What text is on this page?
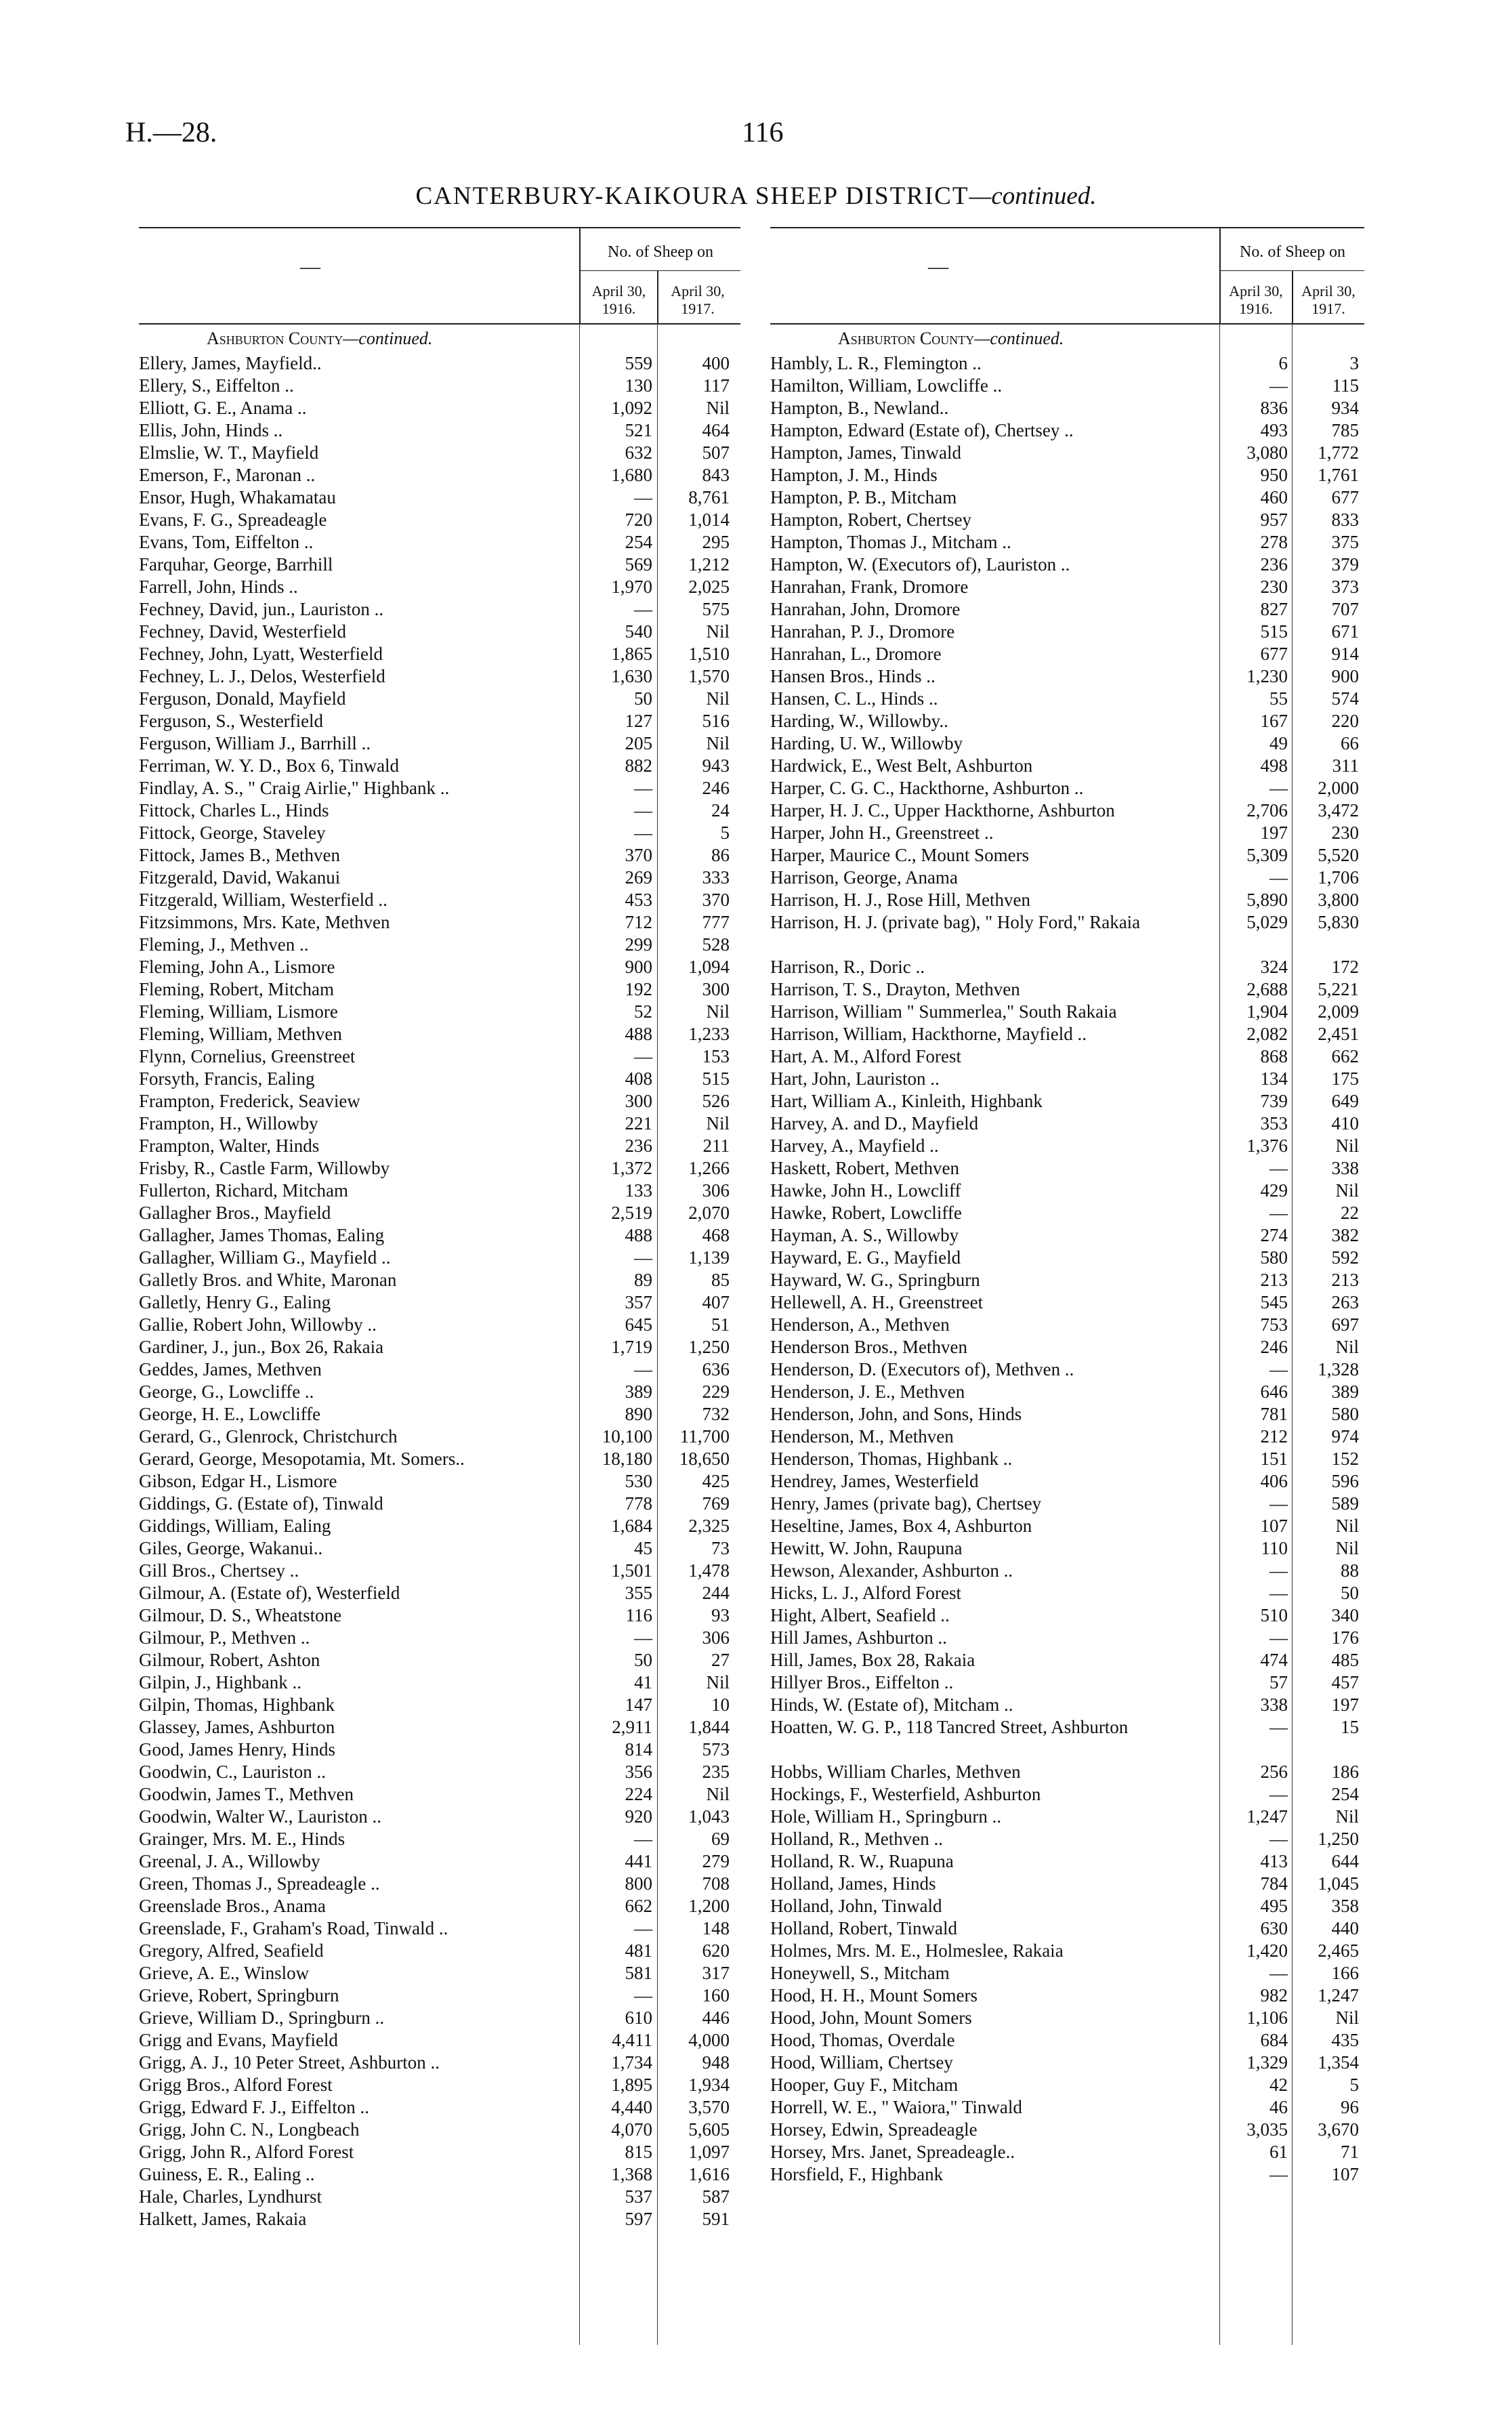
H.—28.	116
CANTERBURY-KAIKOURA SHEEP DISTRICT—continued.
—
No. of Sheep on
April 30, 1916.
April 30, 1917.
Ashburton County—continued.
Ellery, James, Mayfield..	559	400
Ellery, S., Eiffelton ..	130	117
Elliott, G. E., Anama ..	1,092	Nil
Ellis, John, Hinds ..	521	464
Elmslie, W. T., Mayfield	632	507
Emerson, F., Maronan ..	1,680	843
Ensor, Hugh, Whakamatau	— 8,761
Evans, F. G., Spreadeagle	720 1,014
Evans, Tom, Eiffelton ..	254	295
Farquhar, George, Barrhill	569 1,212
Farrell, John, Hinds ..	1,970 2,025
Fechney, David, jun., Lauriston ..	—	575
Fechney, David, Westerfield	540	Nil
Fechney, John, Lyatt, Westerfield	1,865 1,510
Fechney, L. J., Delos, Westerfield	1,630 1,570
Ferguson, Donald, Mayfield	50	Nil
Ferguson, S., Westerfield	127	516
Ferguson, William J., Barrhill ..	205	Nil
Ferriman, W. Y. D., Box 6, Tinwald	882	943
Findlay, A. S., " Craig Airlie," Highbank ..	—	246
Fittock, Charles L., Hinds	—	24
Fittock, George, Staveley	—	5
Fittock, James B., Methven	370	86
Fitzgerald, David, Wakanui	269	333
Fitzgerald, William, Westerfield ..	453	370
Fitzsimmons, Mrs. Kate, Methven	712	777
Fleming, J., Methven ..	299	528
Fleming, John A., Lismore	900 1,094
Fleming, Robert, Mitcham	192	300
Fleming, William, Lismore	52	Nil
Fleming, William, Methven	488 1,233
Flynn, Cornelius, Greenstreet	—	153
Forsyth, Francis, Ealing	408	515
Frampton, Frederick, Seaview	300	526
Frampton, H., Willowby	221	Nil
Frampton, Walter, Hinds	236	211
Frisby, R., Castle Farm, Willowby	1,372 1,266
Fullerton, Richard, Mitcham	133	306
Gallagher Bros., Mayfield	2,519 2,070
Gallagher, James Thomas, Ealing	488	468
Gallagher, William G., Mayfield ..	— 1,139
Galletly Bros. and White, Maronan	89	85
Galletly, Henry G., Ealing	357	407
Gallie, Robert John, Willowby ..	645	51
Gardiner, J., jun., Box 26, Rakaia	1,719 1,250
Geddes, James, Methven	—	636
George, G., Lowcliffe ..	389	229
George, H. E., Lowcliffe	890	732
Gerard, G., Glenrock, Christchurch	10,100 11,700
Gerard, George, Mesopotamia, Mt. Somers..	18,180 18,650
Gibson, Edgar H., Lismore	530	425
Giddings, G. (Estate of), Tinwald	778	769
Giddings, William, Ealing	1,684 2,325
Giles, George, Wakanui..	45	73
Gill Bros., Chertsey ..	1,501 1,478
Gilmour, A. (Estate of), Westerfield	355	244
Gilmour, D. S., Wheatstone	116	93
Gilmour, P., Methven ..	—	306
Gilmour, Robert, Ashton	50	27
Gilpin, J., Highbank ..	41	Nil
Gilpin, Thomas, Highbank	147	10
Glassey, James, Ashburton	2,911 1,844
Good, James Henry, Hinds	814	573
Goodwin, C., Lauriston ..	356	235
Goodwin, James T., Methven	224	Nil
Goodwin, Walter W., Lauriston ..	920 1,043
Grainger, Mrs. M. E., Hinds	—	69
Greenal, J. A., Willowby	441	279
Green, Thomas J., Spreadeagle ..	800	708
Greenslade Bros., Anama	662 1,200
Greenslade, F., Graham's Road, Tinwald ..	—	148
Gregory, Alfred, Seafield	481	620
Grieve, A. E., Winslow	581	317
Grieve, Robert, Springburn	—	160
Grieve, William D., Springburn ..	610	446
Grigg and Evans, Mayfield	4,411 4,000
Grigg, A. J., 10 Peter Street, Ashburton ..	1,734	948
Grigg Bros., Alford Forest	1,895 1,934
Grigg, Edward F. J., Eiffelton ..	4,440 3,570
Grigg, John C. N., Longbeach	4,070 5,605
Grigg, John R., Alford Forest	815 1,097
Guiness, E. R., Ealing ..	1,368 1,616
Hale, Charles, Lyndhurst	537	587
Halkett, James, Rakaia	597	591
—
No. of Sheep on
April 30, 1916.
April 30, 1917.
Ashburton County—continued.
Hambly, L. R., Flemington ..	6	3
Hamilton, William, Lowcliffe ..	— 115
Hampton, B., Newland..	836 934
Hampton, Edward (Estate of), Chertsey ..	493 785
Hampton, James, Tinwald	3,080 1,772
Hampton, J. M., Hinds	950 1,761
Hampton, P. B., Mitcham	460 677
Hampton, Robert, Chertsey	957 833
Hampton, Thomas J., Mitcham ..	278 375
Hampton, W. (Executors of), Lauriston ..	236 379
Hanrahan, Frank, Dromore	230 373
Hanrahan, John, Dromore	827 707
Hanrahan, P. J., Dromore	515 671
Hanrahan, L., Dromore	677 914
Hansen Bros., Hinds ..	1,230 900
Hansen, C. L., Hinds ..	55 574
Harding, W., Willowby..	167 220
Harding, U. W., Willowby	49	66
Hardwick, E., West Belt, Ashburton	498 311
Harper, C. G. C., Hackthorne, Ashburton ..	— 2,000
Harper, H. J. C., Upper Hackthorne, Ashburton	2,706 3,472
Harper, John H., Greenstreet ..	197 230
Harper, Maurice C., Mount Somers	5,309 5,520
Harrison, George, Anama	— 1,706
Harrison, H. J., Rose Hill, Methven	5,890 3,800
Harrison, H. J. (private bag), " Holy Ford," Rakaia	5,029 5,830
Harrison, R., Doric ..	324 172
Harrison, T. S., Drayton, Methven	2,688 5,221
Harrison, William " Summerlea," South Rakaia	1,904 2,009
Harrison, William, Hackthorne, Mayfield ..	2,082 2,451
Hart, A. M., Alford Forest	868 662
Hart, John, Lauriston ..	134 175
Hart, William A., Kinleith, Highbank	739 649
Harvey, A. and D., Mayfield	353 410
Harvey, A., Mayfield ..	1,376	Nil
Haskett, Robert, Methven	— 338
Hawke, John H., Lowcliff	429	Nil
Hawke, Robert, Lowcliffe	—	22
Hayman, A. S., Willowby	274 382
Hayward, E. G., Mayfield	580 592
Hayward, W. G., Springburn	213 213
Hellewell, A. H., Greenstreet	545 263
Henderson, A., Methven	753 697
Henderson Bros., Methven	246	Nil
Henderson, D. (Executors of), Methven ..	— 1,328
Henderson, J. E., Methven	646 389
Henderson, John, and Sons, Hinds	781 580
Henderson, M., Methven	212 974
Henderson, Thomas, Highbank ..	151 152
Hendrey, James, Westerfield	406 596
Henry, James (private bag), Chertsey	— 589
Heseltine, James, Box 4, Ashburton	107	Nil
Hewitt, W. John, Raupuna	110	Nil
Hewson, Alexander, Ashburton ..	—	88
Hicks, L. J., Alford Forest	—	50
Hight, Albert, Seafield ..	510 340
Hill James, Ashburton ..	— 176
Hill, James, Box 28, Rakaia	474 485
Hillyer Bros., Eiffelton ..	57 457
Hinds, W. (Estate of), Mitcham ..	338 197
Hoatten, W. G. P., 118 Tancred Street, Ashburton	—	15
Hobbs, William Charles, Methven	256 186
Hockings, F., Westerfield, Ashburton	— 254
Hole, William H., Springburn ..	1,247	Nil
Holland, R., Methven ..	— 1,250
Holland, R. W., Ruapuna	413 644
Holland, James, Hinds	784 1,045
Holland, John, Tinwald	495 358
Holland, Robert, Tinwald	630 440
Holmes, Mrs. M. E., Holmeslee, Rakaia	1,420 2,465
Honeywell, S., Mitcham	— 166
Hood, H. H., Mount Somers	982 1,247
Hood, John, Mount Somers	1,106	Nil
Hood, Thomas, Overdale	684 435
Hood, William, Chertsey	1,329 1,354
Hooper, Guy F., Mitcham	42	5
Horrell, W. E., " Waiora," Tinwald	46	96
Horsey, Edwin, Spreadeagle	3,035 3,670
Horsey, Mrs. Janet, Spreadeagle..	61	71
Horsfield, F., Highbank	— 107
